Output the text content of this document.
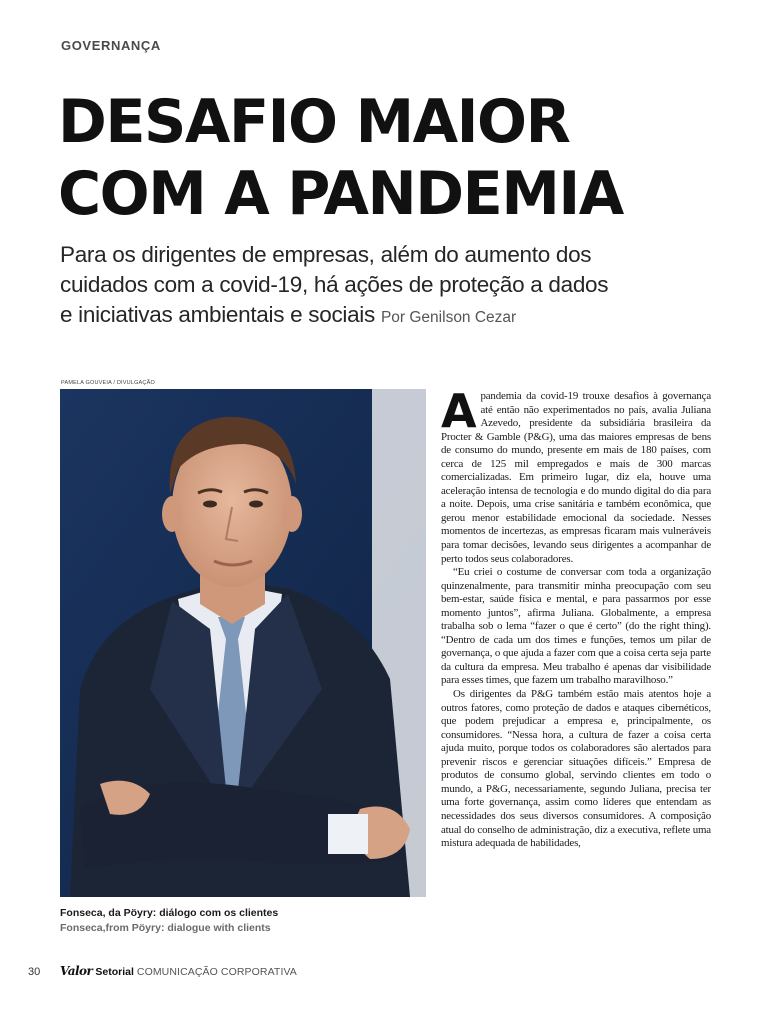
GOVERNANÇA
DESAFIO MAIOR
COM A PANDEMIA
Para os dirigentes de empresas, além do aumento dos
cuidados com a covid-19, há ações de proteção a dados
e iniciativas ambientais e sociais Por Genilson Cezar
PAMELA GOUVEIA / DIVULGAÇÃO
Fonseca, da Pöyry: diálogo com os clientes
Fonseca,from Pöyry: dialogue with clients

Apandemia da covid-19 trouxe desafios à governança até então não experimentados no país, avalia Juliana Azevedo, presidente da subsidiária brasileira da Procter & Gamble (P&G), uma das maiores empresas de bens de consumo do mundo, presente em mais de 180 países, com cerca de 125 mil empregados e mais de 300 marcas comercializadas. Em primeiro lugar, diz ela, houve uma aceleração intensa de tecnologia e do mundo digital do dia para a noite. Depois, uma crise sanitária e também econômica, que gerou menor estabilidade emocional da sociedade. Nesses momentos de incertezas, as empresas ficaram mais vulneráveis para tomar decisões, levando seus dirigentes a acompanhar de perto todos seus colaboradores.

“Eu criei o costume de conversar com toda a organização quinzenalmente, para transmitir minha preocupação com seu bem-estar, saúde física e mental, e para passarmos por esse momento juntos”, afirma Juliana. Globalmente, a empresa trabalha sob o lema “fazer o que é certo” (do the right thing). “Dentro de cada um dos times e funções, temos um pilar de governança, o que ajuda a fazer com que a coisa certa seja parte da cultura da empresa. Meu trabalho é apenas dar visibilidade para esses times, que fazem um trabalho maravilhoso.”

Os dirigentes da P&G também estão mais atentos hoje a outros fatores, como proteção de dados e ataques cibernéticos, que podem prejudicar a empresa e, principalmente, os consumidores. “Nessa hora, a cultura de fazer a coisa certa ajuda muito, porque todos os colaboradores são alertados para prevenir riscos e gerenciar situações difíceis.” Empresa de produtos de consumo global, servindo clientes em todo o mundo, a P&G, necessariamente, segundo Juliana, precisa ter uma forte governança, assim como líderes que entendam as necessidades dos seus diversos consumidores. A composição atual do conselho de administração, diz a executiva, reflete uma mistura adequada de habilidades,

30	Valor Setorial COMUNICAÇÃO CORPORATIVA
